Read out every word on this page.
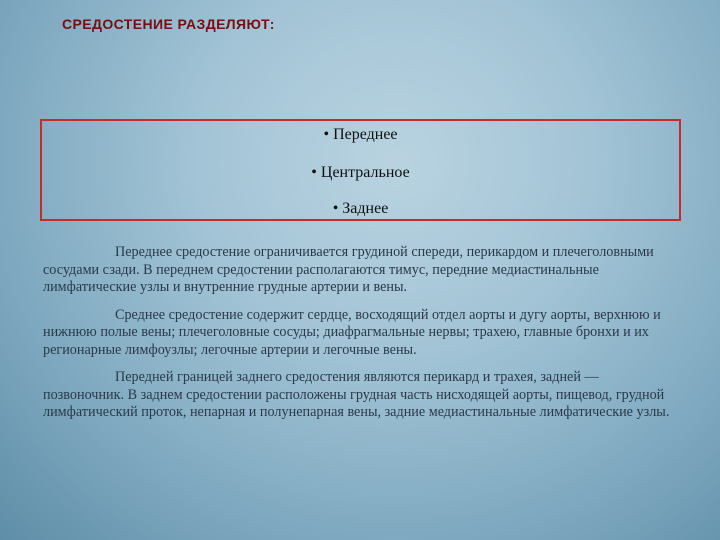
СРЕДОСТЕНИЕ РАЗДЕЛЯЮТ:
• Переднее
• Центральное
• Заднее

Переднее средостение ограничивается грудиной спереди, перикардом и плечеголовными сосудами сзади. В переднем средостении располагаются тимус, передние медиастинальные лимфатические узлы и внутренние грудные артерии и вены.

Среднее средостение содержит сердце, восходящий отдел аорты и дугу аорты, верхнюю и нижнюю полые вены; плечеголовные сосуды; диафрагмальные нервы; трахею, главные бронхи и их регионарные лимфоузлы; легочные артерии и легочные вены.

Передней границей заднего средостения являются перикард и трахея, задней — позвоночник. В заднем средостении расположены грудная часть нисходящей аорты, пищевод, грудной лимфатический проток, непарная и полунепарная вены, задние медиастинальные лимфатические узлы.
